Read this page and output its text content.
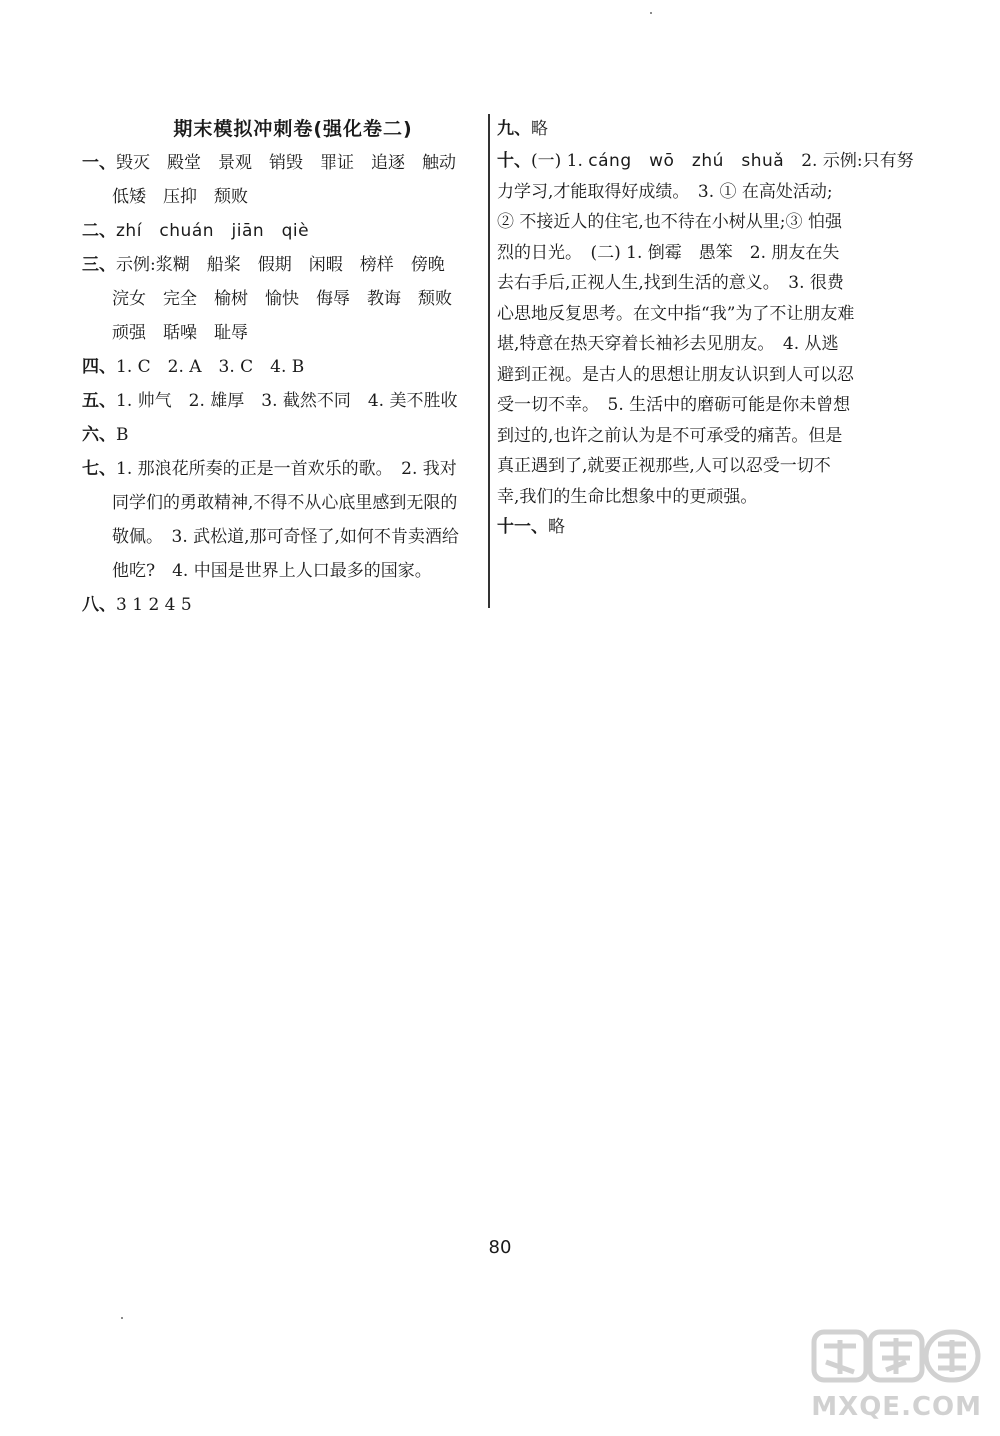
期末模拟冲刺卷(强化卷二)
一、毁灭　殿堂　景观　销毁　罪证　追逐　触动
低矮　压抑　颓败
二、zhí　chuán　jiān　qiè
三、示例:浆糊　船桨　假期　闲暇　榜样　傍晚
浣女　完全　榆树　愉快　侮辱　教诲　颓败
顽强　聒噪　耻辱
四、1. C　2. A　3. C　4. B
五、1. 帅气　2. 雄厚　3. 截然不同　4. 美不胜收
六、B
七、1. 那浪花所奏的正是一首欢乐的歌。　2. 我对
同学们的勇敢精神,不得不从心底里感到无限的
敬佩。　3. 武松道,那可奇怪了,如何不肯卖酒给
他吃?　4. 中国是世界上人口最多的国家。
八、3 1 2 4 5
九、略
十、(一) 1. cáng　wō　zhú　shuǎ　2. 示例:只有努
力学习,才能取得好成绩。　3. ① 在高处活动;
② 不接近人的住宅,也不待在小树从里;③ 怕强
烈的日光。　(二) 1. 倒霉　愚笨　2. 朋友在失
去右手后,正视人生,找到生活的意义。　3. 很费
心思地反复思考。在文中指“我”为了不让朋友难
堪,特意在热天穿着长袖衫去见朋友。　4. 从逃
避到正视。是古人的思想让朋友认识到人可以忍
受一切不幸。　5. 生活中的磨砺可能是你未曾想
到过的,也许之前认为是不可承受的痛苦。但是
真正遇到了,就要正视那些,人可以忍受一切不
幸,我们的生命比想象中的更顽强。
十一、略
80
MXQE.COM
